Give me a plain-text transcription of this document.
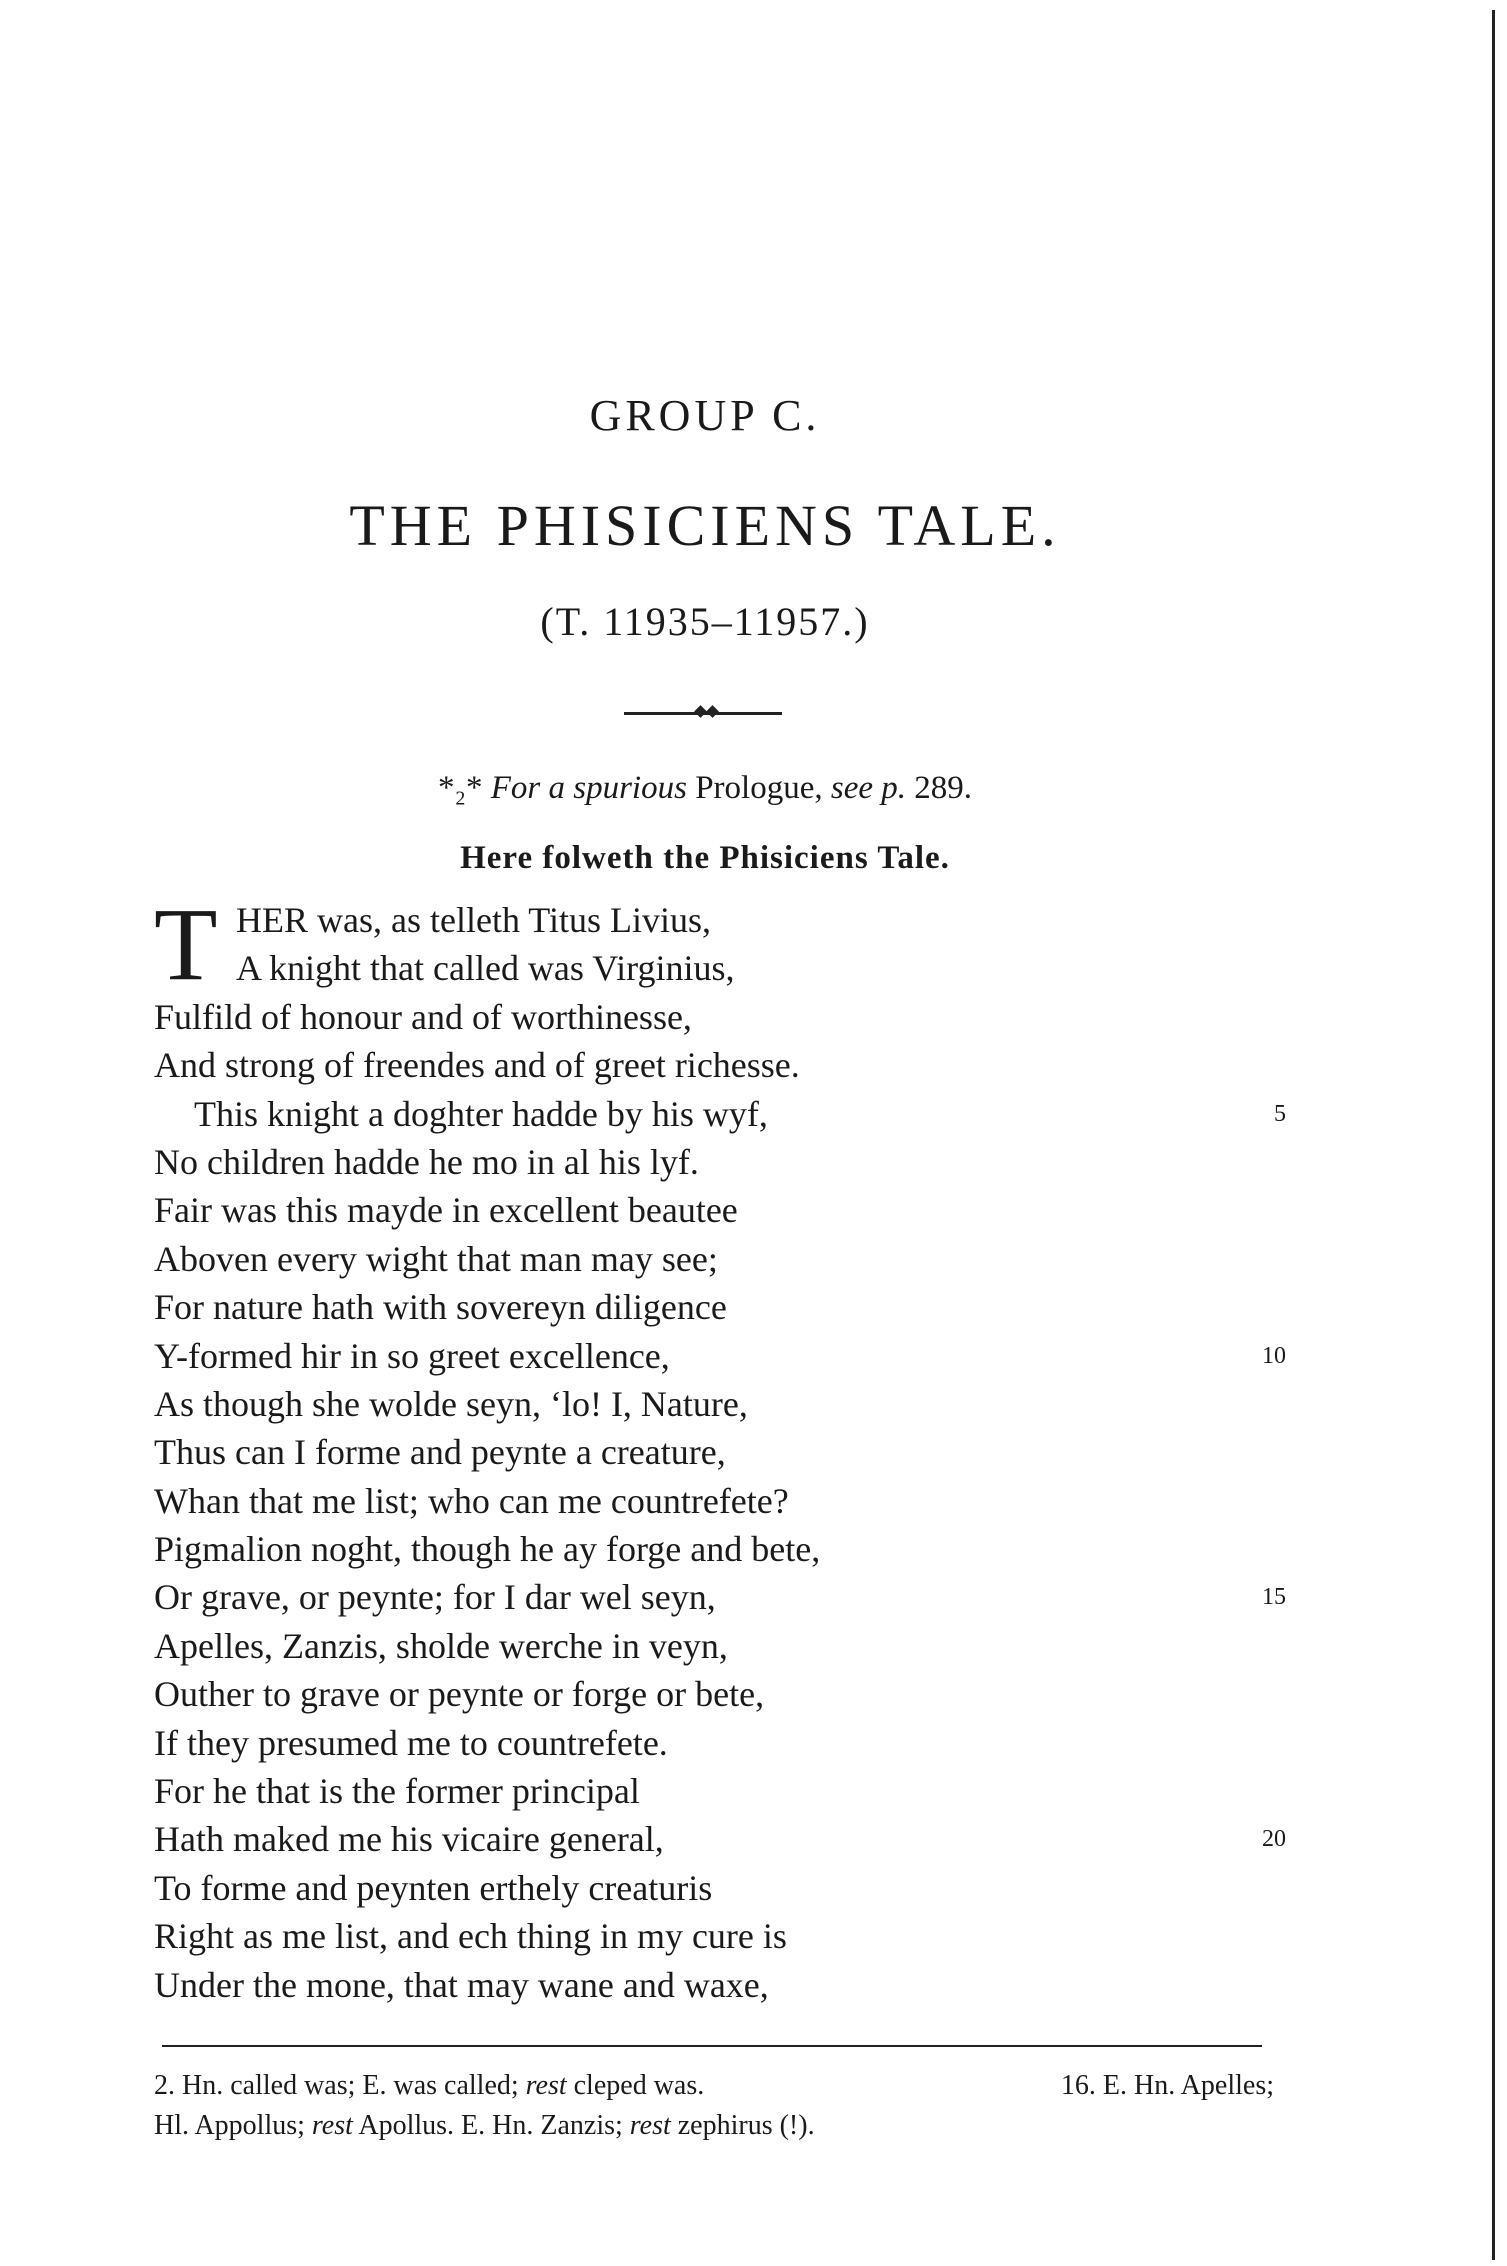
GROUP C.
THE PHISICIENS TALE.
(T. 11935–11957.)
*₂* For a spurious Prologue, see p. 289.
Here folweth the Phisiciens Tale.
T HER was, as telleth Titus Livius,
A knight that called was Virginius,
Fulfild of honour and of worthinesse,
And strong of freendes and of greet richesse.
This knight a doghter hadde by his wyf,	5
No children hadde he mo in al his lyf.
Fair was this mayde in excellent beautee
Aboven every wight that man may see;
For nature hath with sovereyn diligence
Y-formed hir in so greet excellence,	10
As though she wolde seyn, ‘lo! I, Nature,
Thus can I forme and peynte a creature,
Whan that me list; who can me countrefete?
Pigmalion noght, though he ay forge and bete,
Or grave, or peynte; for I dar wel seyn,	15
Apelles, Zanzis, sholde werche in veyn,
Outher to grave or peynte or forge or bete,
If they presumed me to countrefete.
For he that is the former principal
Hath maked me his vicaire general,	20
To forme and peynten erthely creaturis
Right as me list, and ech thing in my cure is
Under the mone, that may wane and waxe,
2. Hn. called was; E. was called; rest cleped was.	16. E. Hn. Apelles;
Hl. Appollus; rest Apollus. E. Hn. Zanzis; rest zephirus (!).
